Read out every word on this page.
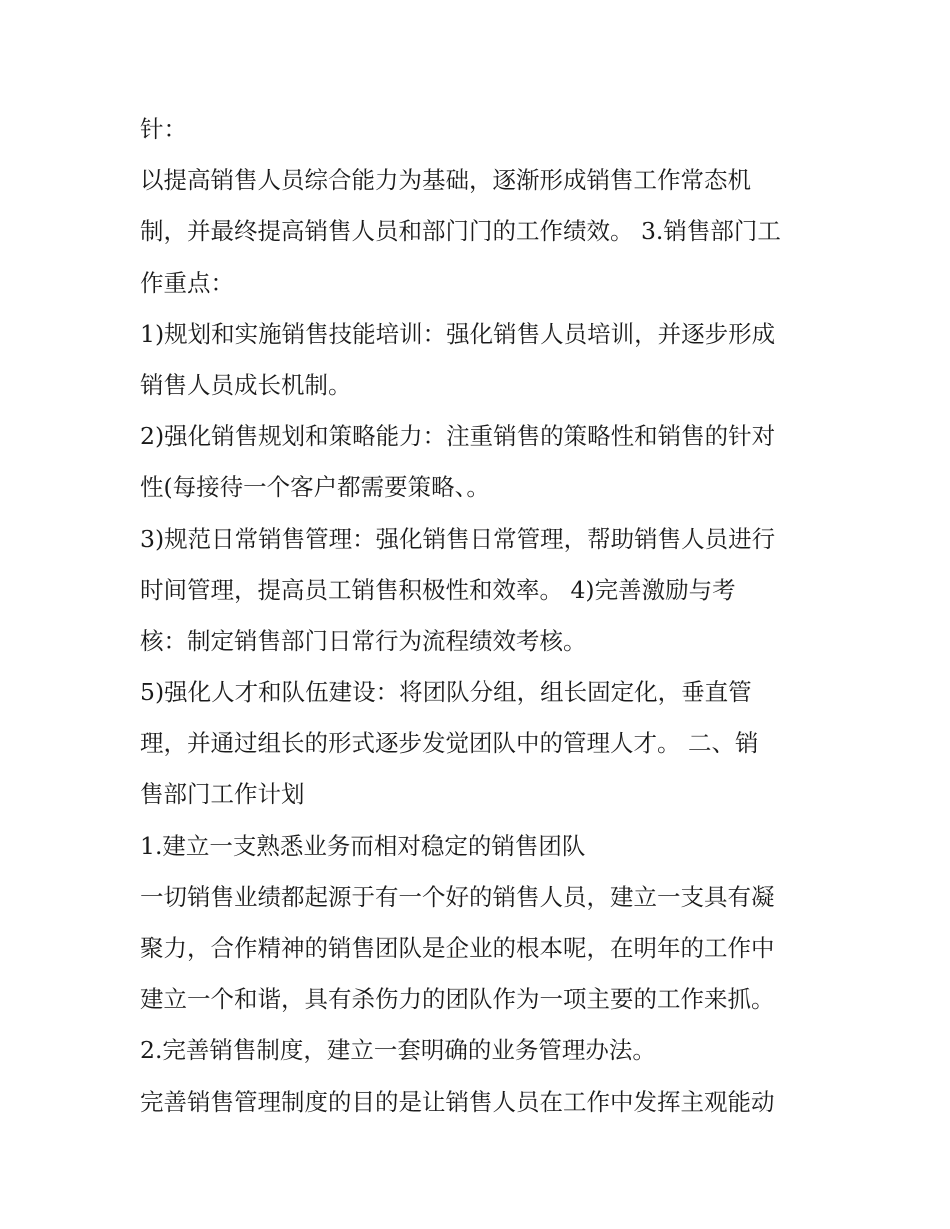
针：
以提高销售人员综合能力为基础，逐渐形成销售工作常态机
制，并最终提高销售人员和部门门的工作绩效。 3.销售部门工
作重点：
1)规划和实施销售技能培训：强化销售人员培训，并逐步形成
销售人员成长机制。
2)强化销售规划和策略能力：注重销售的策略性和销售的针对
性(每接待一个客户都需要策略、。
3)规范日常销售管理：强化销售日常管理，帮助销售人员进行
时间管理，提高员工销售积极性和效率。 4)完善激励与考
核：制定销售部门日常行为流程绩效考核。
5)强化人才和队伍建设：将团队分组，组长固定化，垂直管
理，并通过组长的形式逐步发觉团队中的管理人才。 二、销
售部门工作计划
1.建立一支熟悉业务而相对稳定的销售团队
一切销售业绩都起源于有一个好的销售人员，建立一支具有凝
聚力，合作精神的销售团队是企业的根本呢，在明年的工作中
建立一个和谐，具有杀伤力的团队作为一项主要的工作来抓。
2.完善销售制度，建立一套明确的业务管理办法。
完善销售管理制度的目的是让销售人员在工作中发挥主观能动
